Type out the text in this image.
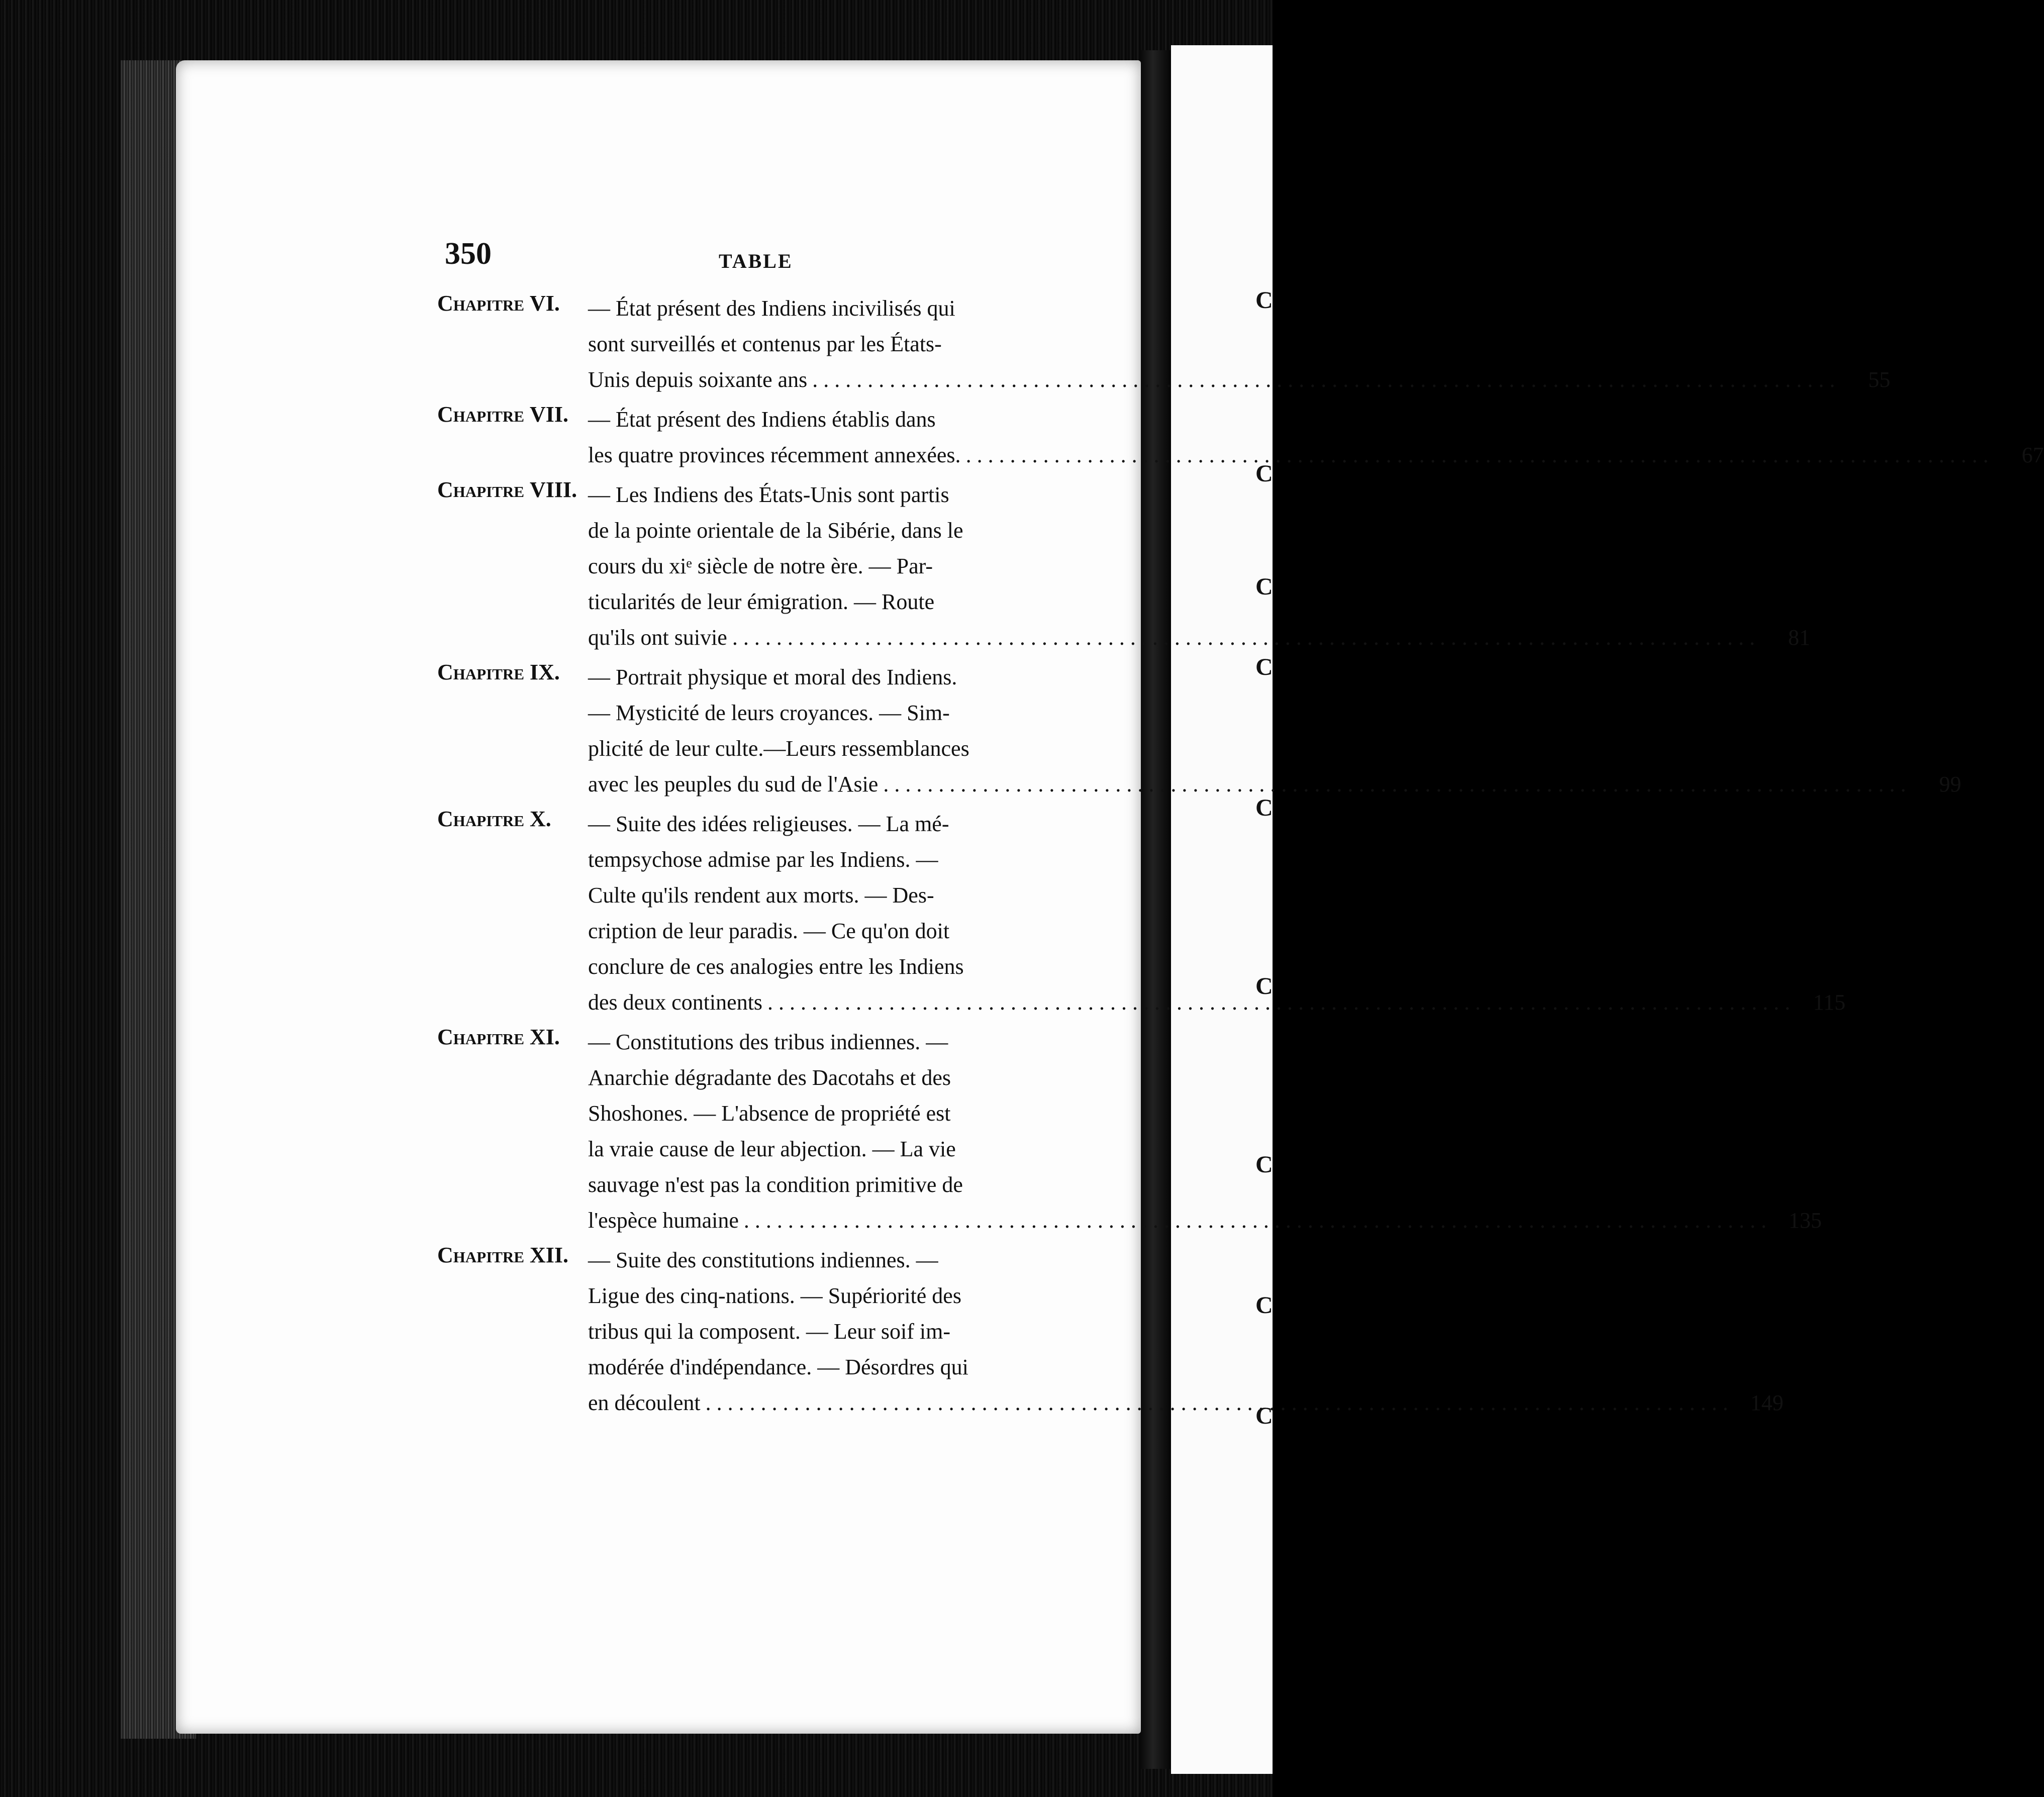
C
C
C
C
C
C
C
C
C
350	TABLE
Chapitre VI. — État présent des Indiens incivilisés qui
sont surveillés et contenus par les États-
Unis depuis soixante ans . . .	55
Chapitre VII. — État présent des Indiens établis dans
les quatre provinces récemment annexées. . . .	67
Chapitre VIII. — Les Indiens des États-Unis sont partis
de la pointe orientale de la Sibérie, dans le
cours du xiᵉ siècle de notre ère. — Par-
ticularités de leur émigration. — Route
qu'ils ont suivie . . .	81
Chapitre IX. — Portrait physique et moral des Indiens.
— Mysticité de leurs croyances. — Sim-
plicité de leur culte.—Leurs ressemblances
avec les peuples du sud de l'Asie . . .	99
Chapitre X. — Suite des idées religieuses. — La mé-
tempsychose admise par les Indiens. —
Culte qu'ils rendent aux morts. — Des-
cription de leur paradis. — Ce qu'on doit
conclure de ces analogies entre les Indiens
des deux continents . . .	115
Chapitre XI. — Constitutions des tribus indiennes. —
Anarchie dégradante des Dacotahs et des
Shoshones. — L'absence de propriété est
la vraie cause de leur abjection. — La vie
sauvage n'est pas la condition primitive de
l'espèce humaine . . .	135
Chapitre XII. — Suite des constitutions indiennes. —
Ligue des cinq-nations. — Supériorité des
tribus qui la composent. — Leur soif im-
modérée d'indépendance. — Désordres qui
en découlent . . .	149
